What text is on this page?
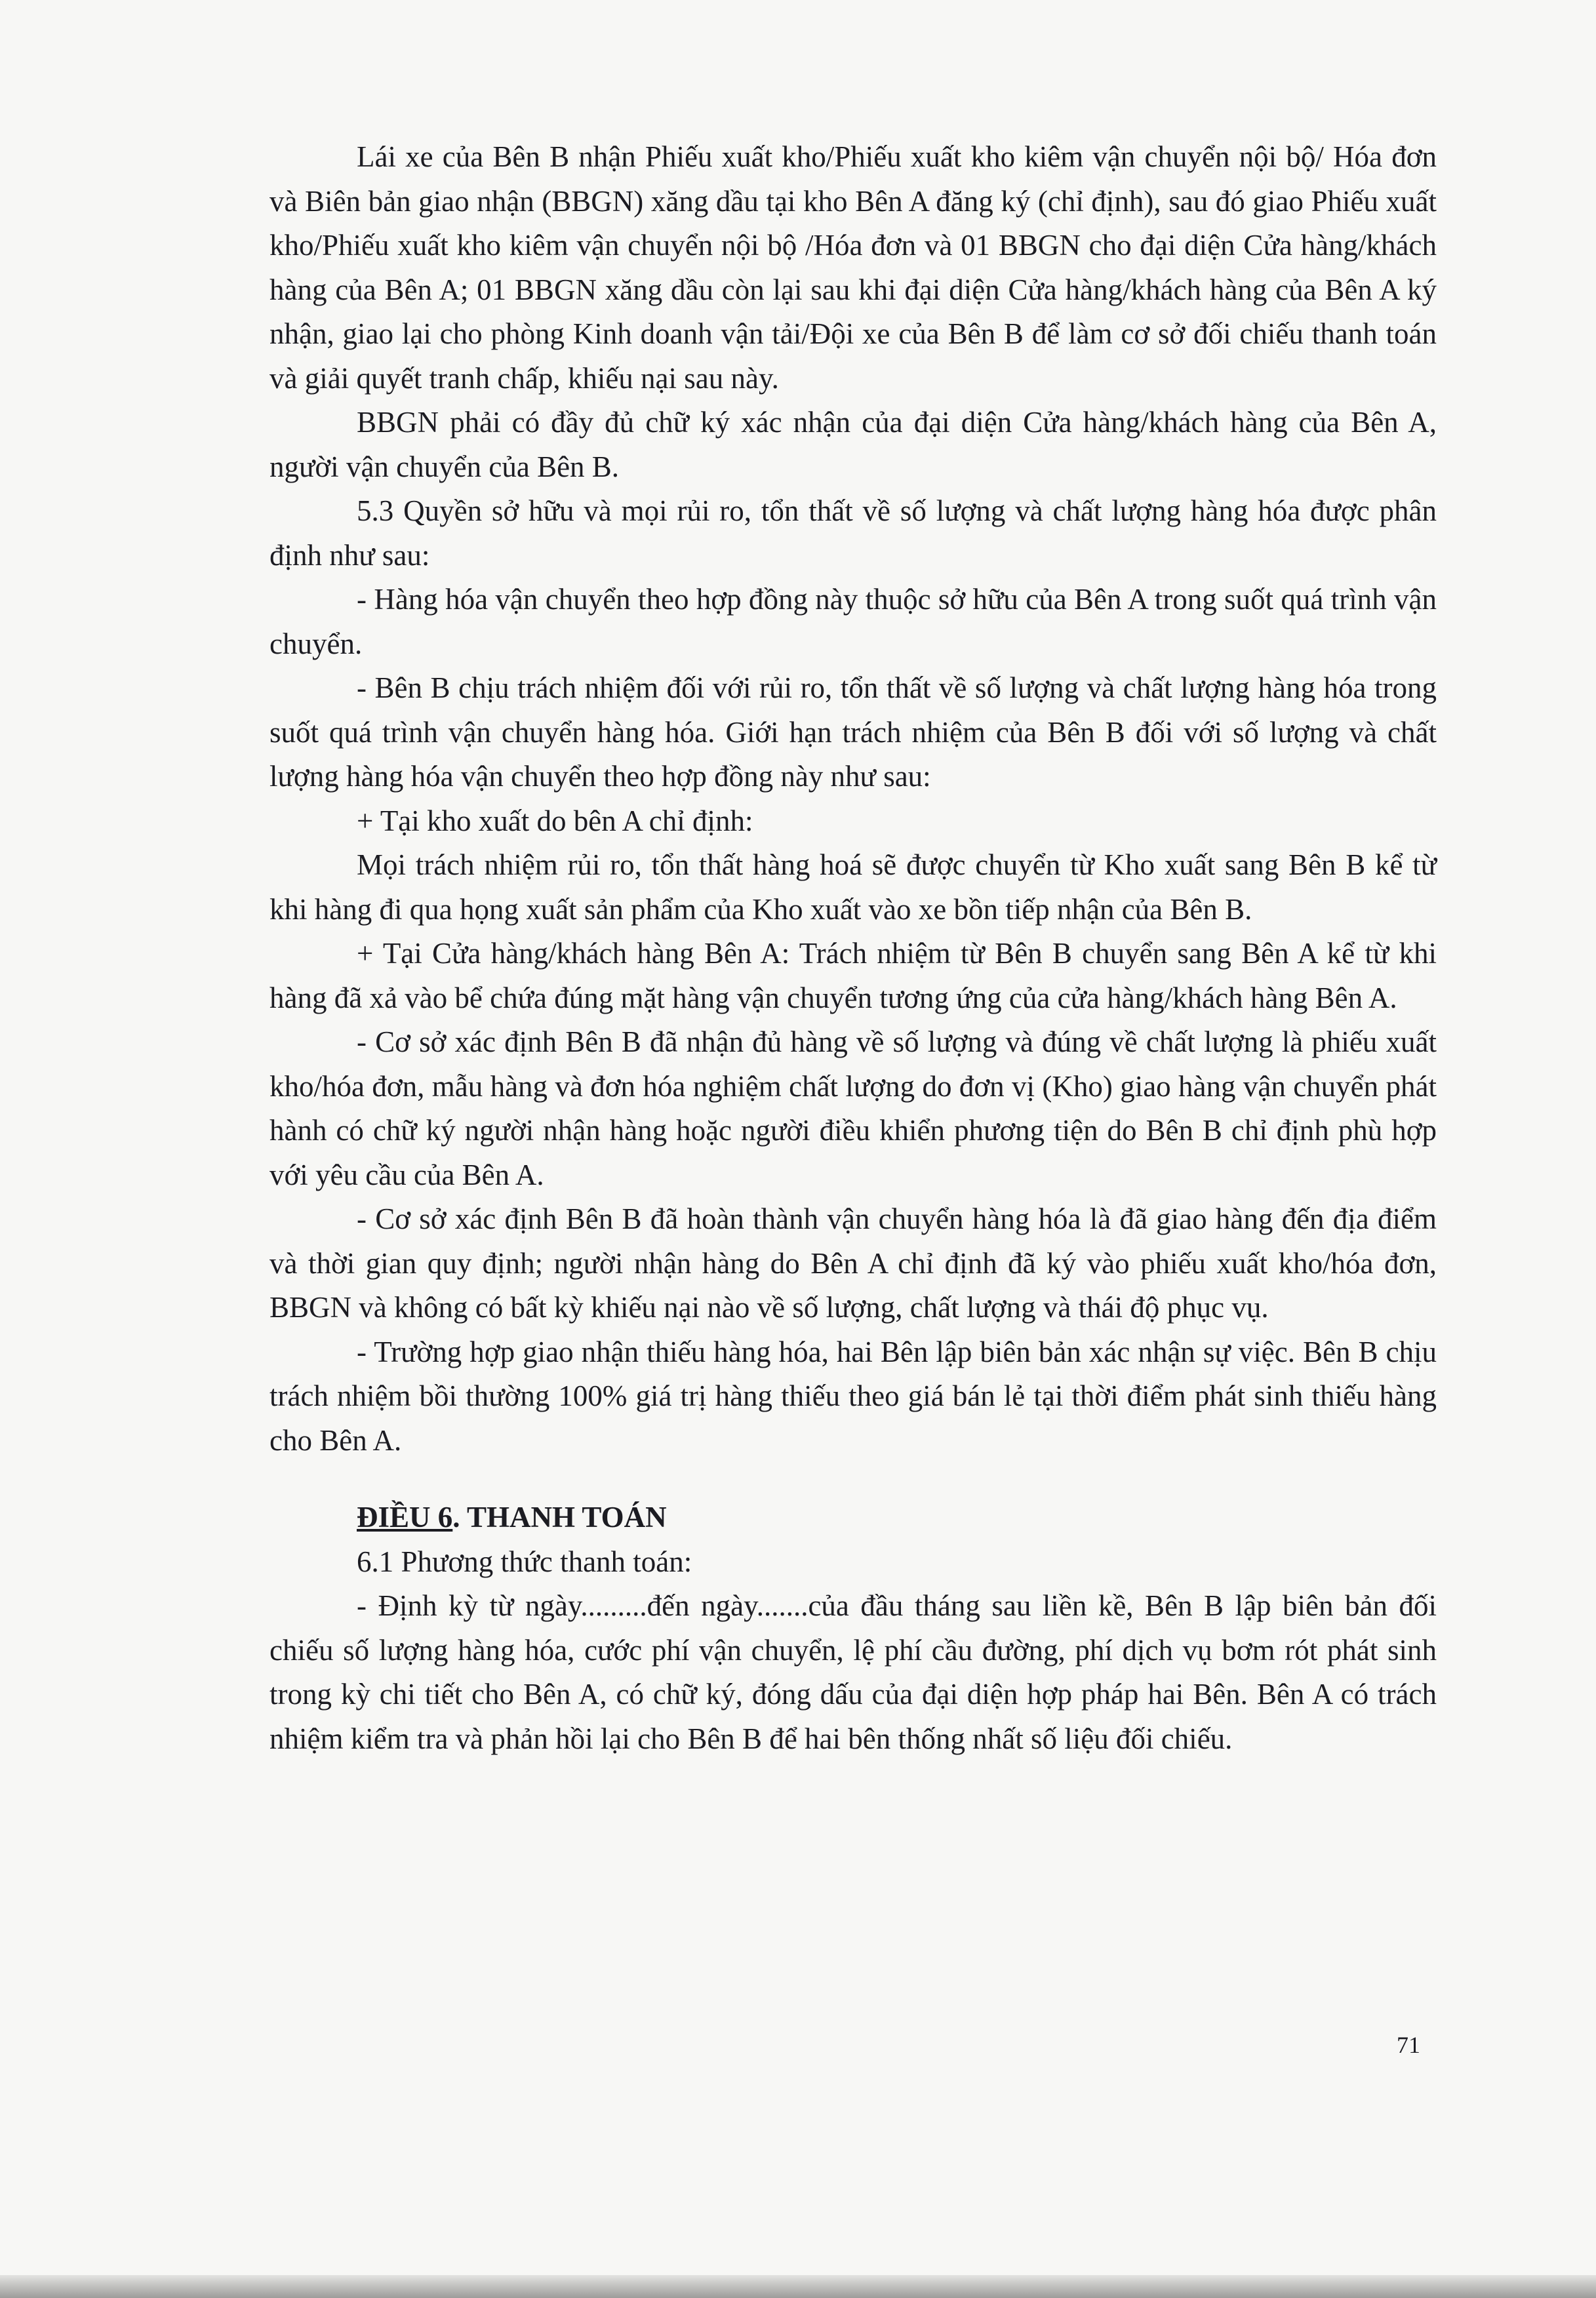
Lái xe của Bên B nhận Phiếu xuất kho/Phiếu xuất kho kiêm vận chuyển nội bộ/ Hóa đơn và Biên bản giao nhận (BBGN) xăng dầu tại kho Bên A đăng ký (chỉ định), sau đó giao Phiếu xuất kho/Phiếu xuất kho kiêm vận chuyển nội bộ /Hóa đơn và 01 BBGN cho đại diện Cửa hàng/khách hàng của Bên A; 01 BBGN xăng dầu còn lại sau khi đại diện Cửa hàng/khách hàng của Bên A ký nhận, giao lại cho phòng Kinh doanh vận tải/Đội xe của Bên B để làm cơ sở đối chiếu thanh toán và giải quyết tranh chấp, khiếu nại sau này.

BBGN phải có đầy đủ chữ ký xác nhận của đại diện Cửa hàng/khách hàng của Bên A, người vận chuyển của Bên B.

5.3 Quyền sở hữu và mọi rủi ro, tổn thất về số lượng và chất lượng hàng hóa được phân định như sau:

- Hàng hóa vận chuyển theo hợp đồng này thuộc sở hữu của Bên A trong suốt quá trình vận chuyển.

- Bên B chịu trách nhiệm đối với rủi ro, tổn thất về số lượng và chất lượng hàng hóa trong suốt quá trình vận chuyển hàng hóa. Giới hạn trách nhiệm của Bên B đối với số lượng và chất lượng hàng hóa vận chuyển theo hợp đồng này như sau:

+ Tại kho xuất do bên A chỉ định:

Mọi trách nhiệm rủi ro, tổn thất hàng hoá sẽ được chuyển từ Kho xuất sang Bên B kể từ khi hàng đi qua họng xuất sản phẩm của Kho xuất vào xe bồn tiếp nhận của Bên B.

+ Tại Cửa hàng/khách hàng Bên A: Trách nhiệm từ Bên B chuyển sang Bên A kể từ khi hàng đã xả vào bể chứa đúng mặt hàng vận chuyển tương ứng của cửa hàng/khách hàng Bên A.

- Cơ sở xác định Bên B đã nhận đủ hàng về số lượng và đúng về chất lượng là phiếu xuất kho/hóa đơn, mẫu hàng và đơn hóa nghiệm chất lượng do đơn vị (Kho) giao hàng vận chuyển phát hành có chữ ký người nhận hàng hoặc người điều khiển phương tiện do Bên B chỉ định phù hợp với yêu cầu của Bên A.

- Cơ sở xác định Bên B đã hoàn thành vận chuyển hàng hóa là đã giao hàng đến địa điểm và thời gian quy định; người nhận hàng do Bên A chỉ định đã ký vào phiếu xuất kho/hóa đơn, BBGN và không có bất kỳ khiếu nại nào về số lượng, chất lượng và thái độ phục vụ.

- Trường hợp giao nhận thiếu hàng hóa, hai Bên lập biên bản xác nhận sự việc. Bên B chịu trách nhiệm bồi thường 100% giá trị hàng thiếu theo giá bán lẻ tại thời điểm phát sinh thiếu hàng cho Bên A.

ĐIỀU 6. THANH TOÁN

6.1 Phương thức thanh toán:

- Định kỳ từ ngày.........đến ngày.......của đầu tháng sau liền kề, Bên B lập biên bản đối chiếu số lượng hàng hóa, cước phí vận chuyển, lệ phí cầu đường, phí dịch vụ bơm rót phát sinh trong kỳ chi tiết cho Bên A, có chữ ký, đóng dấu của đại diện hợp pháp hai Bên. Bên A có trách nhiệm kiểm tra và phản hồi lại cho Bên B để hai bên thống nhất số liệu đối chiếu.

71
